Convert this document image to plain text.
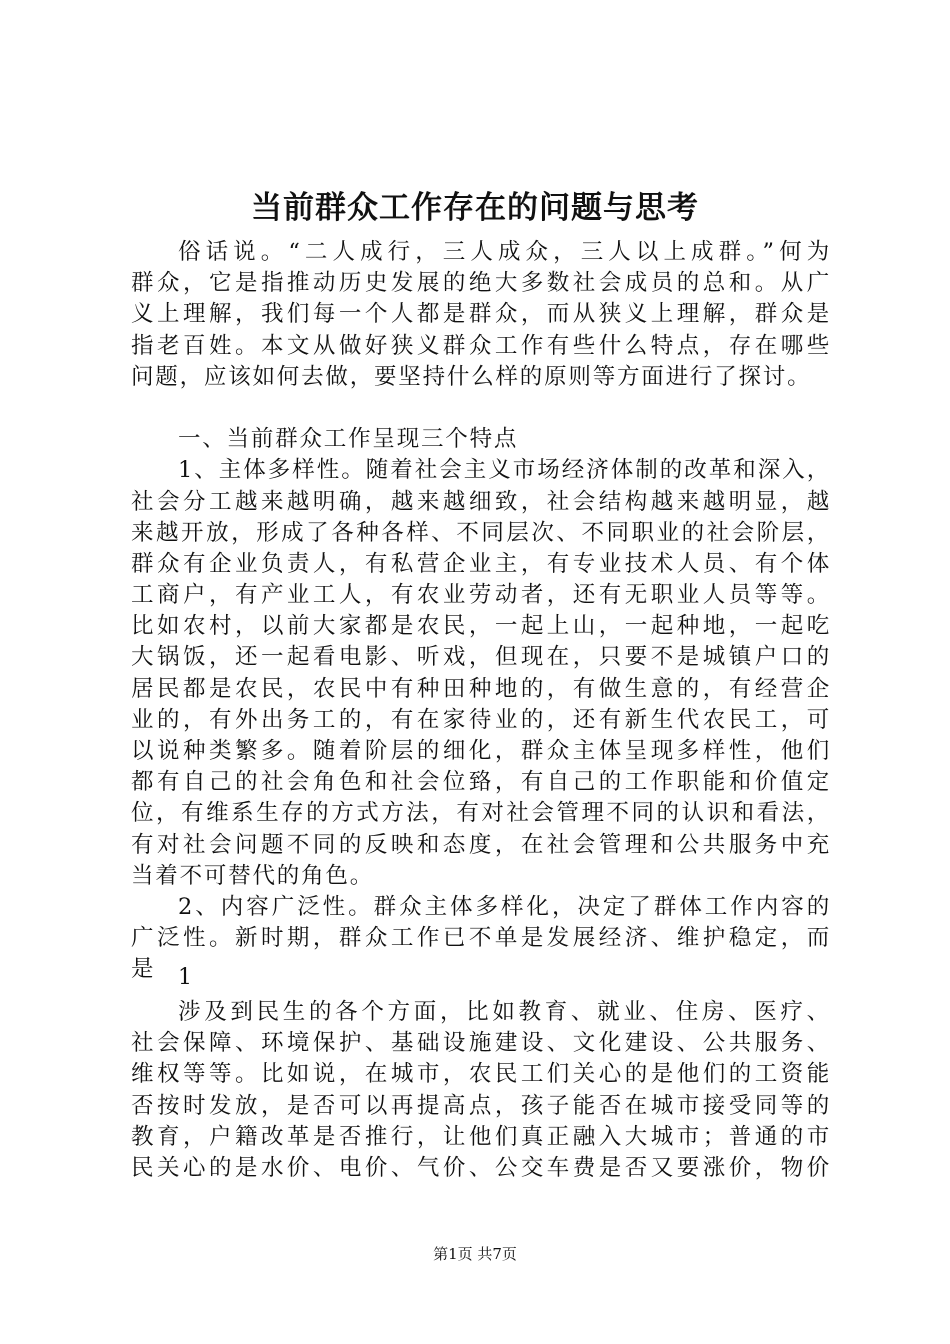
当前群众工作存在的问题与思考
俗话说。“二人成行，三人成众，三人以上成群。”何为
群众，它是指推动历史发展的绝大多数社会成员的总和。从广
义上理解，我们每一个人都是群众，而从狭义上理解，群众是
指老百姓。本文从做好狭义群众工作有些什么特点，存在哪些
问题，应该如何去做，要坚持什么样的原则等方面进行了探讨。
一、当前群众工作呈现三个特点
1、主体多样性。随着社会主义市场经济体制的改革和深入，
社会分工越来越明确，越来越细致，社会结构越来越明显，越
来越开放，形成了各种各样、不同层次、不同职业的社会阶层，
群众有企业负责人，有私营企业主，有专业技术人员、有个体
工商户，有产业工人，有农业劳动者，还有无职业人员等等。
比如农村，以前大家都是农民，一起上山，一起种地，一起吃
大锅饭，还一起看电影、听戏，但现在，只要不是城镇户口的
居民都是农民，农民中有种田种地的，有做生意的，有经营企
业的，有外出务工的，有在家待业的，还有新生代农民工，可
以说种类繁多。随着阶层的细化，群众主体呈现多样性，他们
都有自己的社会角色和社会位臵，有自己的工作职能和价值定
位，有维系生存的方式方法，有对社会管理不同的认识和看法，
有对社会问题不同的反映和态度，在社会管理和公共服务中充
当着不可替代的角色。
2、内容广泛性。群众主体多样化，决定了群体工作内容的
广泛性。新时期，群众工作已不单是发展经济、维护稳定，而
是	1
涉及到民生的各个方面，比如教育、就业、住房、医疗、
社会保障、环境保护、基础设施建设、文化建设、公共服务、
维权等等。比如说，在城市，农民工们关心的是他们的工资能
否按时发放，是否可以再提高点，孩子能否在城市接受同等的
教育，户籍改革是否推行，让他们真正融入大城市；普通的市
民关心的是水价、电价、气价、公交车费是否又要涨价，物价
第1页 共7页
